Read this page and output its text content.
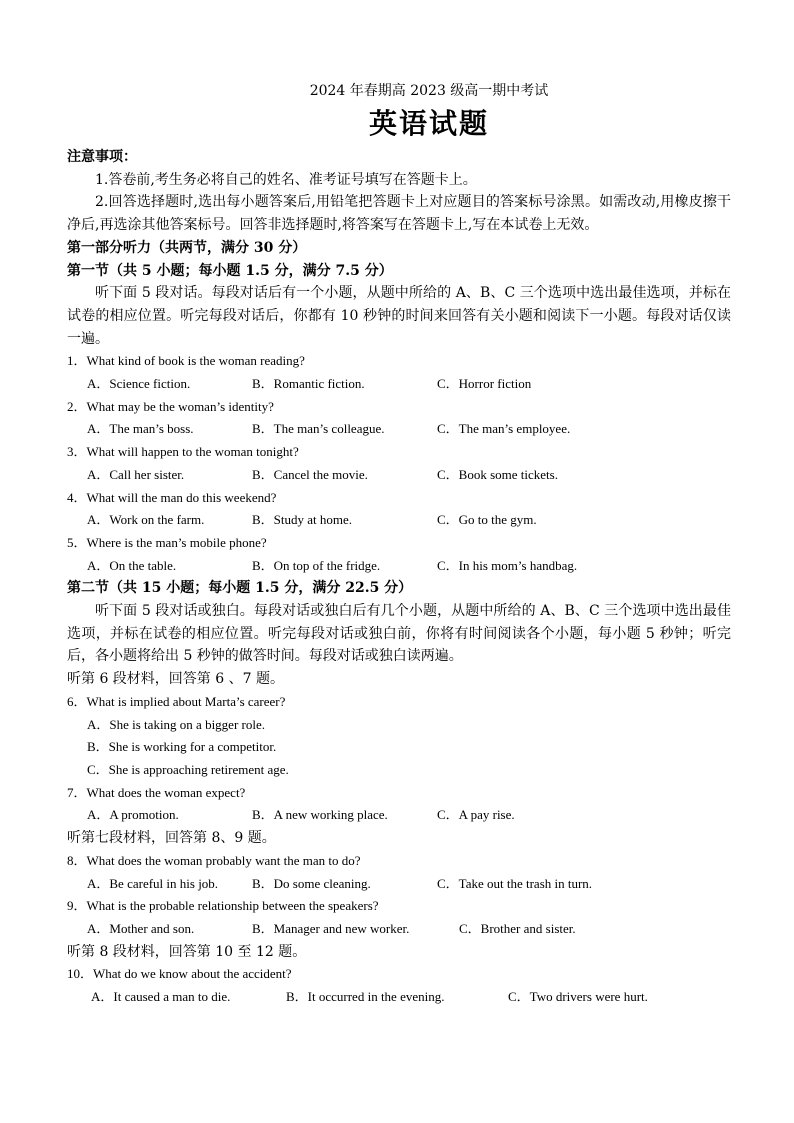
2024 年春期高 2023 级高一期中考试
英语试题
注意事项：
1.答卷前,考生务必将自己的姓名、准考证号填写在答题卡上。
2.回答选择题时,选出每小题答案后,用铅笔把答题卡上对应题目的答案标号涂黑。如需改动,用橡皮擦干净后,再选涂其他答案标号。回答非选择题时,将答案写在答题卡上,写在本试卷上无效。
第一部分听力（共两节，满分 30 分）
第一节（共 5 小题；每小题 1.5 分，满分 7.5 分）
听下面 5 段对话。每段对话后有一个小题，从题中所给的 A、B、C 三个选项中选出最佳选项，并标在试卷的相应位置。听完每段对话后，你都有 10 秒钟的时间来回答有关小题和阅读下一小题。每段对话仅读一遍。
1．What kind of book is the woman reading?
A．Science fiction.	B．Romantic fiction.	C．Horror fiction
2．What may be the woman’s identity?
A．The man’s boss.	B．The man’s colleague.	C．The man’s employee.
3．What will happen to the woman tonight?
A．Call her sister.	B．Cancel the movie.	C．Book some tickets.
4．What will the man do this weekend?
A．Work on the farm.	B．Study at home.	C．Go to the gym.
5．Where is the man’s mobile phone?
A．On the table.	B．On top of the fridge.	C．In his mom’s handbag.
第二节（共 15 小题；每小题 1.5 分，满分 22.5 分）
听下面 5 段对话或独白。每段对话或独白后有几个小题，从题中所给的 A、B、C 三个选项中选出最佳选项，并标在试卷的相应位置。听完每段对话或独白前，你将有时间阅读各个小题，每小题 5 秒钟；听完后，各小题将给出 5 秒钟的做答时间。每段对话或独白读两遍。
听第 6 段材料，回答第 6 、7 题。
6．What is implied about Marta’s career?
A．She is taking on a bigger role.
B．She is working for a competitor.
C．She is approaching retirement age.
7．What does the woman expect?
A．A promotion.	B．A new working place.	C．A pay rise.
听第七段材料，回答第 8、9 题。
8．What does the woman probably want the man to do?
A．Be careful in his job.	B．Do some cleaning.	C．Take out the trash in turn.
9．What is the probable relationship between the speakers?
A．Mother and son.	B．Manager and new worker.	C．Brother and sister.
听第 8 段材料，回答第 10 至 12 题。
10．What do we know about the accident?
A．It caused a man to die.	B．It occurred in the evening.	C．Two drivers were hurt.
